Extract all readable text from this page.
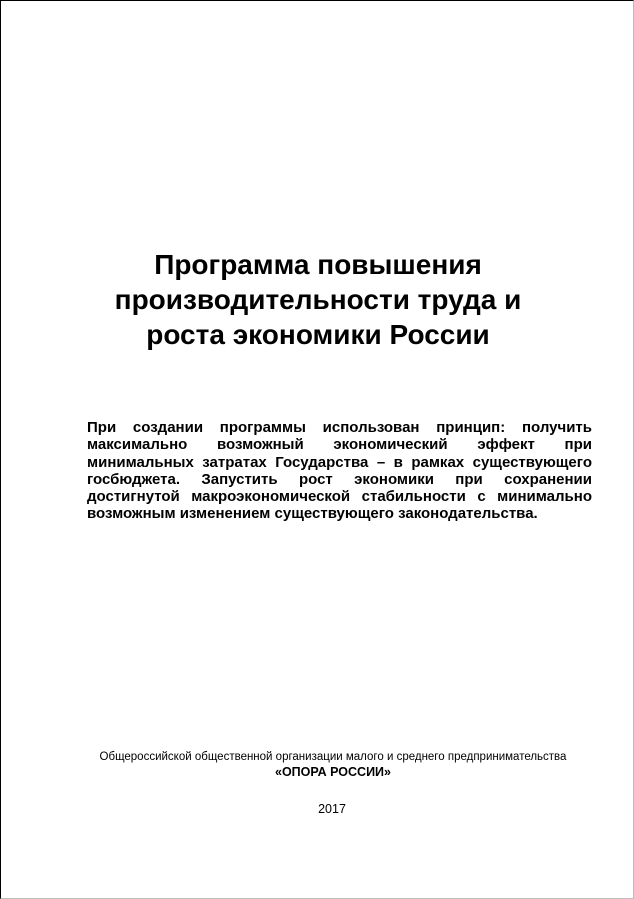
Программа повышения
производительности труда и
роста экономики России

При создании программы использован принцип: получить максимально возможный экономический эффект при минимальных затратах Государства – в рамках существующего госбюджета. Запустить рост экономики при сохранении достигнутой макроэкономической стабильности с минимально возможным изменением существующего законодательства.

Общероссийской общественной организации малого и среднего предпринимательства
«ОПОРА РОССИИ»
2017
